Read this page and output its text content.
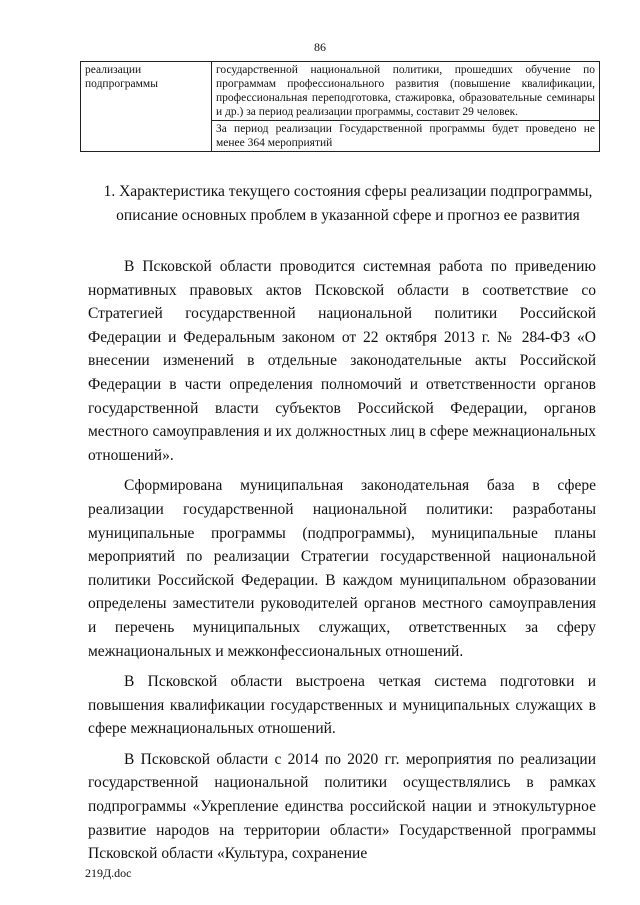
86
реализации подпрограммы	государственной национальной политики, прошедших обучение по программам профессионального развития (повышение квалификации, профессиональная переподготовка, стажировка, образовательные семинары и др.) за период реализации программы, составит 29 человек.
За период реализации Государственной программы будет проведено не менее 364 мероприятий
1. Характеристика текущего состояния сферы реализации подпрограммы, описание основных проблем в указанной сфере и прогноз ее развития

В Псковской области проводится системная работа по приведению нормативных правовых актов Псковской области в соответствие со Стратегией государственной национальной политики Российской Федерации и Федеральным законом от 22 октября 2013 г. № 284-ФЗ «О внесении изменений в отдельные законодательные акты Российской Федерации в части определения полномочий и ответственности органов государственной власти субъектов Российской Федерации, органов местного самоуправления и их должностных лиц в сфере межнациональных отношений».

Сформирована муниципальная законодательная база в сфере реализации государственной национальной политики: разработаны муниципальные программы (подпрограммы), муниципальные планы мероприятий по реализации Стратегии государственной национальной политики Российской Федерации. В каждом муниципальном образовании определены заместители руководителей органов местного самоуправления и перечень муниципальных служащих, ответственных за сферу межнациональных и межконфессиональных отношений.

В Псковской области выстроена четкая система подготовки и повышения квалификации государственных и муниципальных служащих в сфере межнациональных отношений.

В Псковской области с 2014 по 2020 гг. мероприятия по реализации государственной национальной политики осуществлялись в рамках подпрограммы «Укрепление единства российской нации и этнокультурное развитие народов на территории области» Государственной программы Псковской области «Культура, сохранение

219Д.doc
